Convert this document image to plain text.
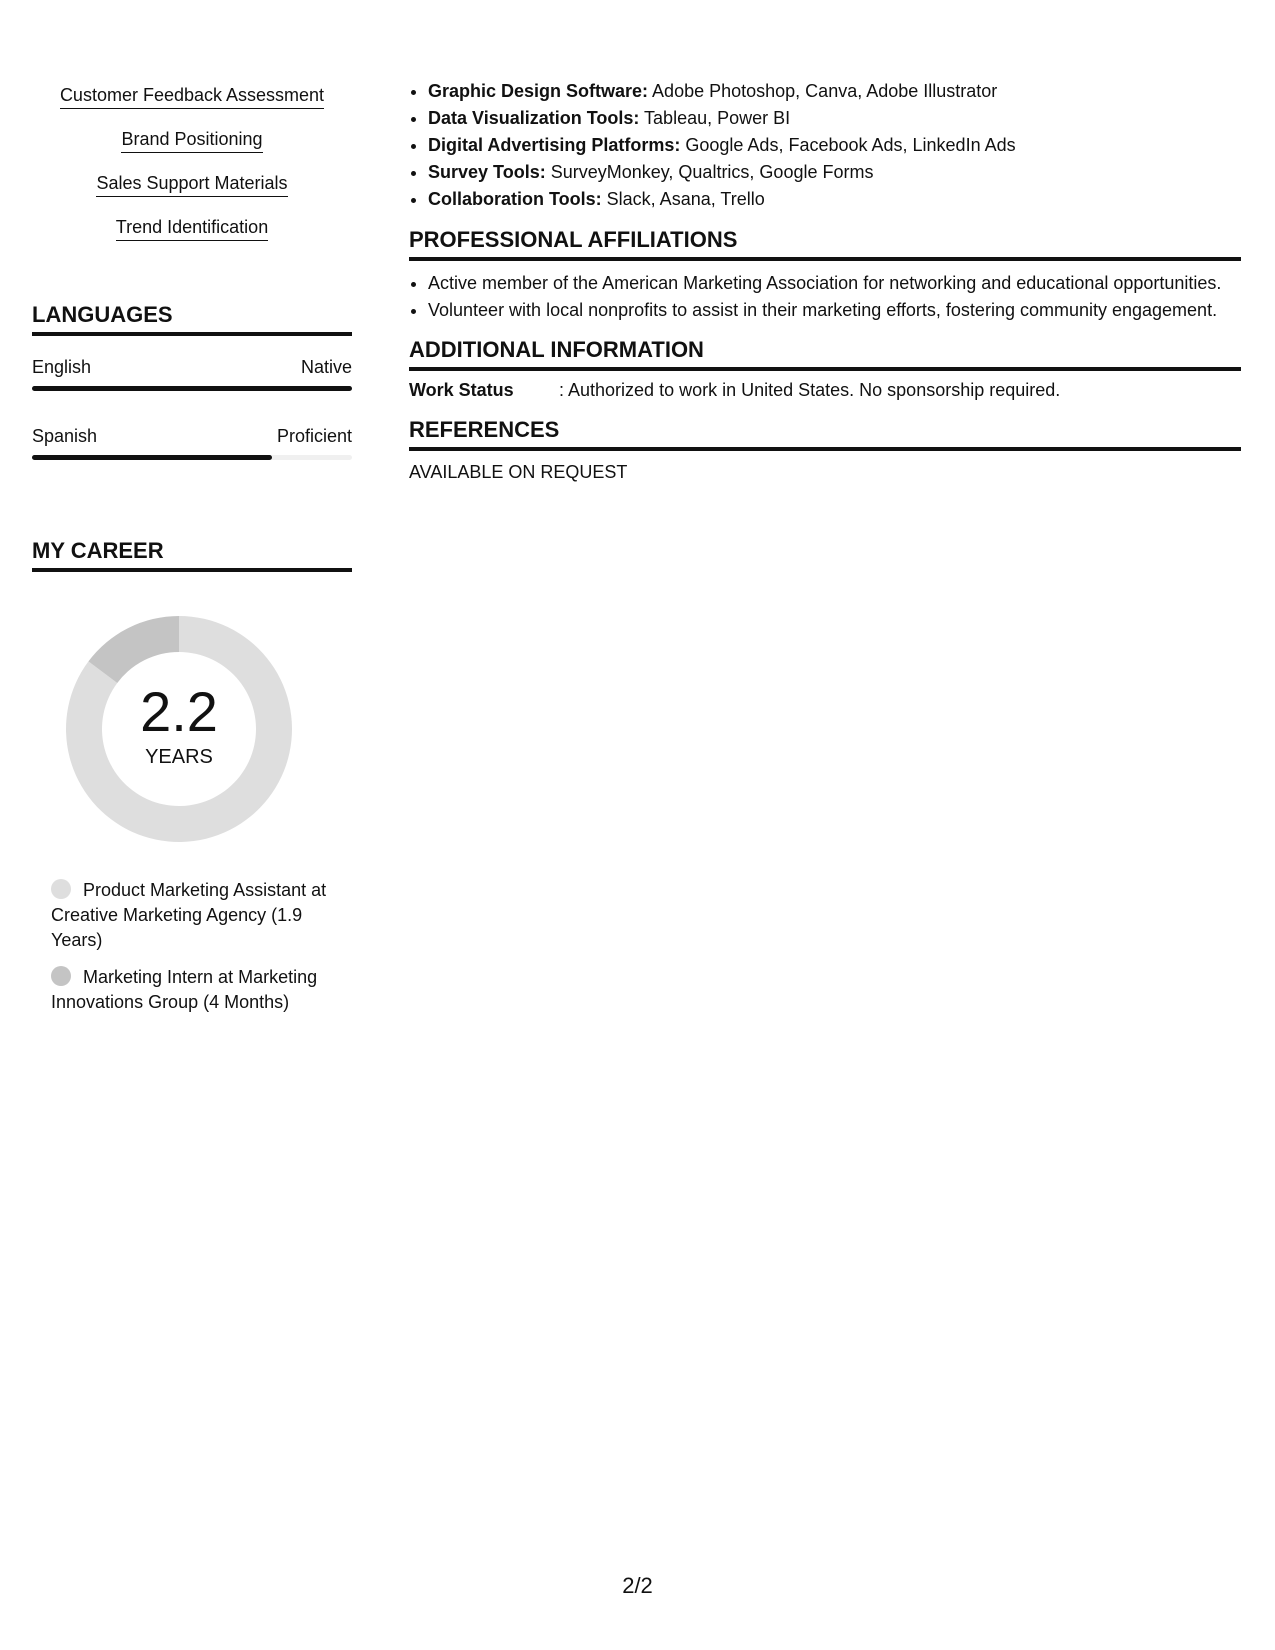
Customer Feedback Assessment
Brand Positioning
Sales Support Materials
Trend Identification
LANGUAGES
English	Native
Spanish	Proficient
MY CAREER
2.2
YEARS
Product Marketing Assistant at Creative Marketing Agency (1.9 Years)
Marketing Intern at Marketing Innovations Group (4 Months)
• Graphic Design Software: Adobe Photoshop, Canva, Adobe Illustrator
• Data Visualization Tools: Tableau, Power BI
• Digital Advertising Platforms: Google Ads, Facebook Ads, LinkedIn Ads
• Survey Tools: SurveyMonkey, Qualtrics, Google Forms
• Collaboration Tools: Slack, Asana, Trello
PROFESSIONAL AFFILIATIONS
• Active member of the American Marketing Association for networking and educational opportunities.
• Volunteer with local nonprofits to assist in their marketing efforts, fostering community engagement.
ADDITIONAL INFORMATION
Work Status	: Authorized to work in United States. No sponsorship required.
REFERENCES
AVAILABLE ON REQUEST
2/2
